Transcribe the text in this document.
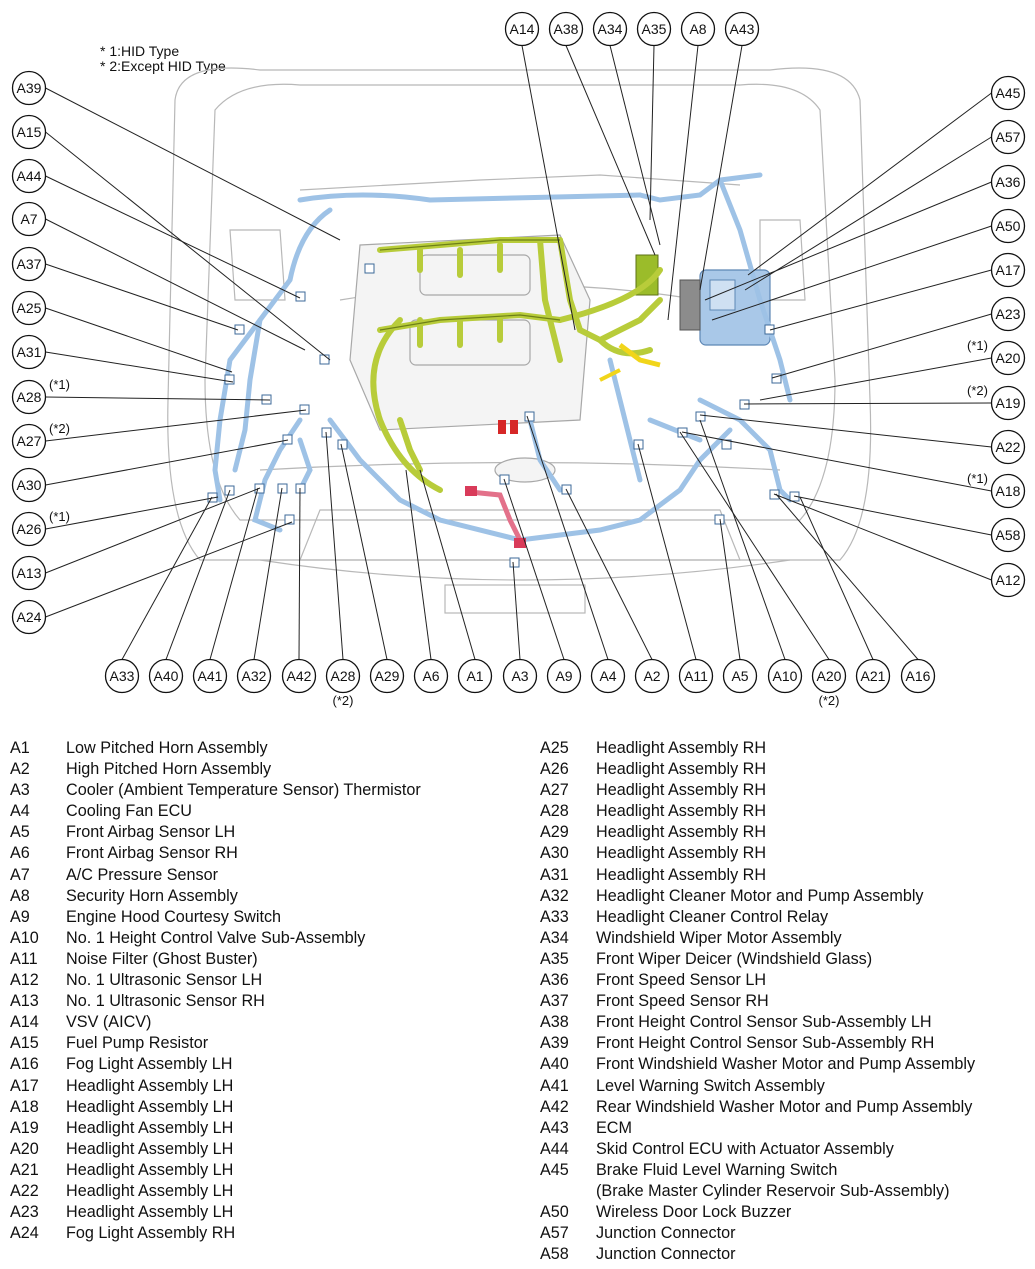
* 1:HID Type
* 2:Except HID Type
A14 A38 A34 A35 A8 A43
A39
A15
A44
A7
A37
A25
A31
A28
(*1)
A27
(*2)
A30
A26
(*1)
A13
A24
A45
A57
A36
A50
A17
A23
A20
(*1)
A19
(*2)
A22
A18
(*1)
A58
A12
A33 A40 A41 A32 A42 A28
(*2)
A29 A6 A1 A3 A9 A4 A2 A11 A5 A10 A20
(*2)
A21 A16
A1 Low Pitched Horn Assembly
A2 High Pitched Horn Assembly
A3 Cooler (Ambient Temperature Sensor) Thermistor
A4 Cooling Fan ECU
A5 Front Airbag Sensor LH
A6 Front Airbag Sensor RH
A7 A/C Pressure Sensor
A8 Security Horn Assembly
A9 Engine Hood Courtesy Switch
A10 No. 1 Height Control Valve Sub-Assembly
A11 Noise Filter (Ghost Buster)
A12 No. 1 Ultrasonic Sensor LH
A13 No. 1 Ultrasonic Sensor RH
A14 VSV (AICV)
A15 Fuel Pump Resistor
A16 Fog Light Assembly LH
A17 Headlight Assembly LH
A18 Headlight Assembly LH
A19 Headlight Assembly LH
A20 Headlight Assembly LH
A21 Headlight Assembly LH
A22 Headlight Assembly LH
A23 Headlight Assembly LH
A24 Fog Light Assembly RH
A25 Headlight Assembly RH
A26 Headlight Assembly RH
A27 Headlight Assembly RH
A28 Headlight Assembly RH
A29 Headlight Assembly RH
A30 Headlight Assembly RH
A31 Headlight Assembly RH
A32 Headlight Cleaner Motor and Pump Assembly
A33 Headlight Cleaner Control Relay
A34 Windshield Wiper Motor Assembly
A35 Front Wiper Deicer (Windshield Glass)
A36 Front Speed Sensor LH
A37 Front Speed Sensor RH
A38 Front Height Control Sensor Sub-Assembly LH
A39 Front Height Control Sensor Sub-Assembly RH
A40 Front Windshield Washer Motor and Pump Assembly
A41 Level Warning Switch Assembly
A42 Rear Windshield Washer Motor and Pump Assembly
A43 ECM
A44 Skid Control ECU with Actuator Assembly
A45 Brake Fluid Level Warning Switch
(Brake Master Cylinder Reservoir Sub-Assembly)
A50 Wireless Door Lock Buzzer
A57 Junction Connector
A58 Junction Connector
